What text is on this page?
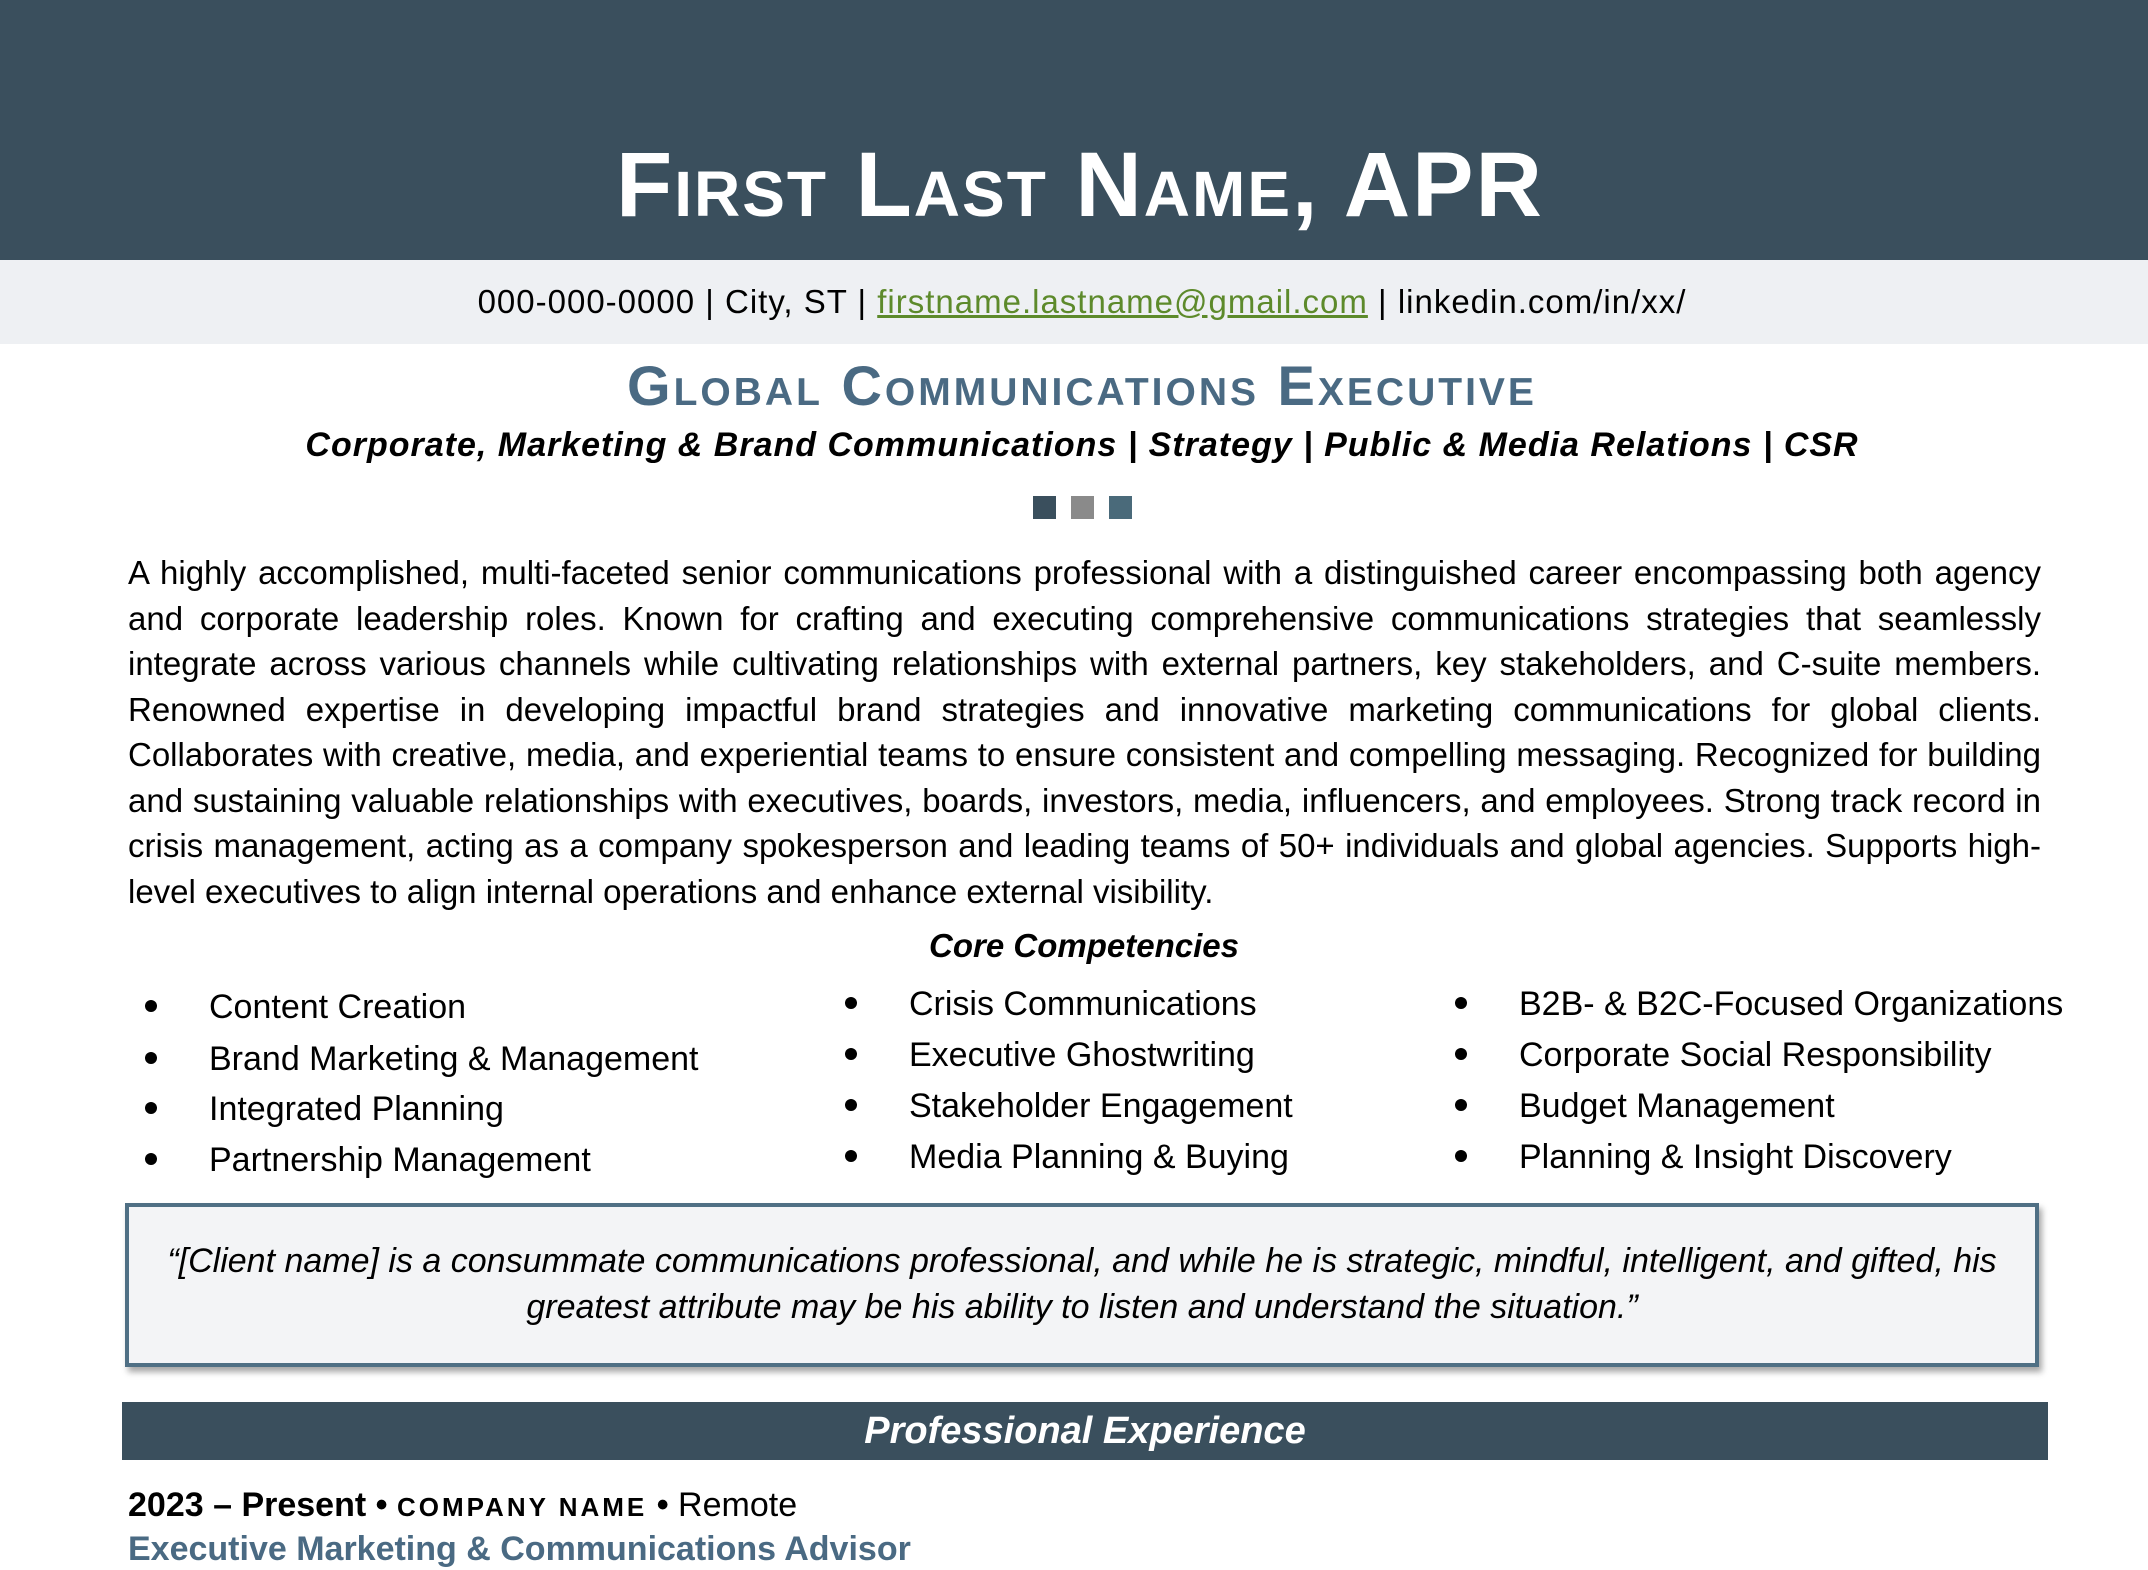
First Last Name, APR
000-000-0000 | City, ST | firstname.lastname@gmail.com | linkedin.com/in/xx/
Global Communications Executive
Corporate, Marketing & Brand Communications | Strategy | Public & Media Relations | CSR
A highly accomplished, multi-faceted senior communications professional with a distinguished career encompassing both agency and corporate leadership roles. Known for crafting and executing comprehensive communications strategies that seamlessly integrate across various channels while cultivating relationships with external partners, key stakeholders, and C-suite members. Renowned expertise in developing impactful brand strategies and innovative marketing communications for global clients. Collaborates with creative, media, and experiential teams to ensure consistent and compelling messaging. Recognized for building and sustaining valuable relationships with executives, boards, investors, media, influencers, and employees. Strong track record in crisis management, acting as a company spokesperson and leading teams of 50+ individuals and global agencies. Supports high-level executives to align internal operations and enhance external visibility.
Core Competencies
Content Creation
Brand Marketing & Management
Integrated Planning
Partnership Management
Crisis Communications
Executive Ghostwriting
Stakeholder Engagement
Media Planning & Buying
B2B- & B2C-Focused Organizations
Corporate Social Responsibility
Budget Management
Planning & Insight Discovery
“[Client name] is a consummate communications professional, and while he is strategic, mindful, intelligent, and gifted, his greatest attribute may be his ability to listen and understand the situation.”
Professional Experience
2023 – Present • COMPANY NAME • Remote
Executive Marketing & Communications Advisor
